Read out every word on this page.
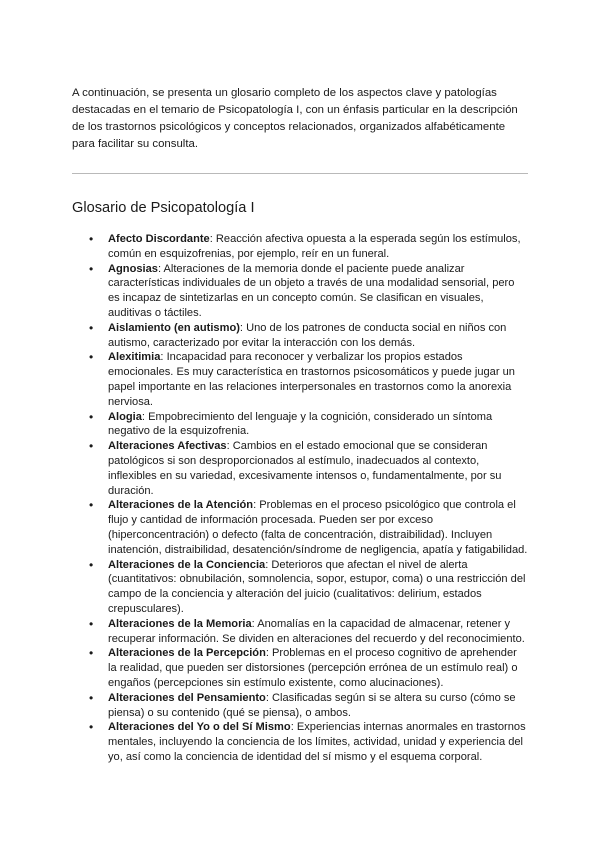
A continuación, se presenta un glosario completo de los aspectos clave y patologías destacadas en el temario de Psicopatología I, con un énfasis particular en la descripción de los trastornos psicológicos y conceptos relacionados, organizados alfabéticamente para facilitar su consulta.

Glosario de Psicopatología I
• Afecto Discordante: Reacción afectiva opuesta a la esperada según los estímulos, común en esquizofrenias, por ejemplo, reír en un funeral.
• Agnosias: Alteraciones de la memoria donde el paciente puede analizar características individuales de un objeto a través de una modalidad sensorial, pero es incapaz de sintetizarlas en un concepto común. Se clasifican en visuales, auditivas o táctiles.
• Aislamiento (en autismo): Uno de los patrones de conducta social en niños con autismo, caracterizado por evitar la interacción con los demás.
• Alexitimia: Incapacidad para reconocer y verbalizar los propios estados emocionales. Es muy característica en trastornos psicosomáticos y puede jugar un papel importante en las relaciones interpersonales en trastornos como la anorexia nerviosa.
• Alogia: Empobrecimiento del lenguaje y la cognición, considerado un síntoma negativo de la esquizofrenia.
• Alteraciones Afectivas: Cambios en el estado emocional que se consideran patológicos si son desproporcionados al estímulo, inadecuados al contexto, inflexibles en su variedad, excesivamente intensos o, fundamentalmente, por su duración.
• Alteraciones de la Atención: Problemas en el proceso psicológico que controla el flujo y cantidad de información procesada. Pueden ser por exceso (hiperconcentración) o defecto (falta de concentración, distraibilidad). Incluyen inatención, distraibilidad, desatención/síndrome de negligencia, apatía y fatigabilidad.
• Alteraciones de la Conciencia: Deterioros que afectan el nivel de alerta (cuantitativos: obnubilación, somnolencia, sopor, estupor, coma) o una restricción del campo de la conciencia y alteración del juicio (cualitativos: delirium, estados crepusculares).
• Alteraciones de la Memoria: Anomalías en la capacidad de almacenar, retener y recuperar información. Se dividen en alteraciones del recuerdo y del reconocimiento.
• Alteraciones de la Percepción: Problemas en el proceso cognitivo de aprehender la realidad, que pueden ser distorsiones (percepción errónea de un estímulo real) o engaños (percepciones sin estímulo existente, como alucinaciones).
• Alteraciones del Pensamiento: Clasificadas según si se altera su curso (cómo se piensa) o su contenido (qué se piensa), o ambos.
• Alteraciones del Yo o del Sí Mismo: Experiencias internas anormales en trastornos mentales, incluyendo la conciencia de los límites, actividad, unidad y experiencia del yo, así como la conciencia de identidad del sí mismo y el esquema corporal.
